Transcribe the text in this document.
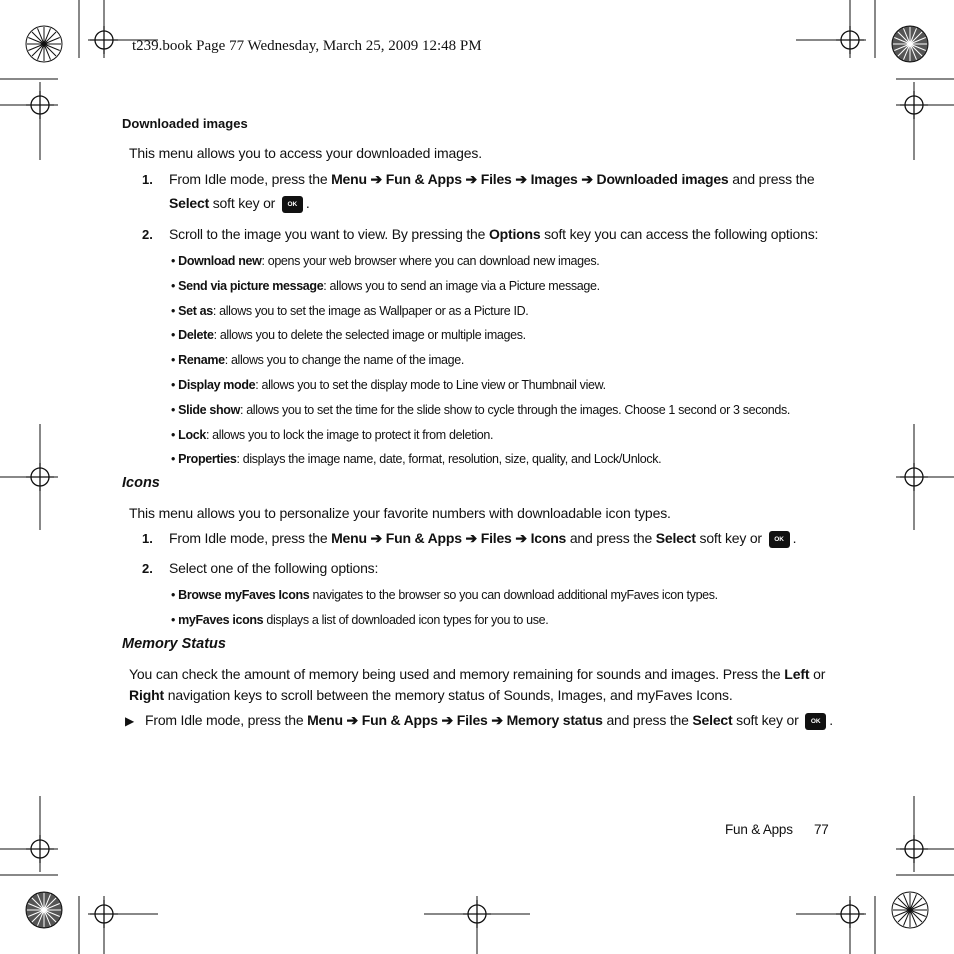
t239.book Page 77 Wednesday, March 25, 2009 12:48 PM
Downloaded images
This menu allows you to access your downloaded images.
1. From Idle mode, press the Menu ➔ Fun & Apps ➔ Files ➔ Images ➔ Downloaded images and press the
Select soft key or OK .
2. Scroll to the image you want to view. By pressing the Options soft key you can access the following options:
• Download new: opens your web browser where you can download new images.
• Send via picture message: allows you to send an image via a Picture message.
• Set as: allows you to set the image as Wallpaper or as a Picture ID.
• Delete: allows you to delete the selected image or multiple images.
• Rename: allows you to change the name of the image.
• Display mode: allows you to set the display mode to Line view or Thumbnail view.
• Slide show: allows you to set the time for the slide show to cycle through the images. Choose 1 second or 3 seconds.
• Lock: allows you to lock the image to protect it from deletion.
• Properties: displays the image name, date, format, resolution, size, quality, and Lock/Unlock.
Icons
This menu allows you to personalize your favorite numbers with downloadable icon types.
1. From Idle mode, press the Menu ➔ Fun & Apps ➔ Files ➔ Icons and press the Select soft key or OK .
2. Select one of the following options:
• Browse myFaves Icons navigates to the browser so you can download additional myFaves icon types.
• myFaves icons displays a list of downloaded icon types for you to use.
Memory Status
You can check the amount of memory being used and memory remaining for sounds and images. Press the Left or
Right navigation keys to scroll between the memory status of Sounds, Images, and myFaves Icons.
▶ From Idle mode, press the Menu ➔ Fun & Apps ➔ Files ➔ Memory status and press the Select soft key or OK .
Fun & Apps 77
